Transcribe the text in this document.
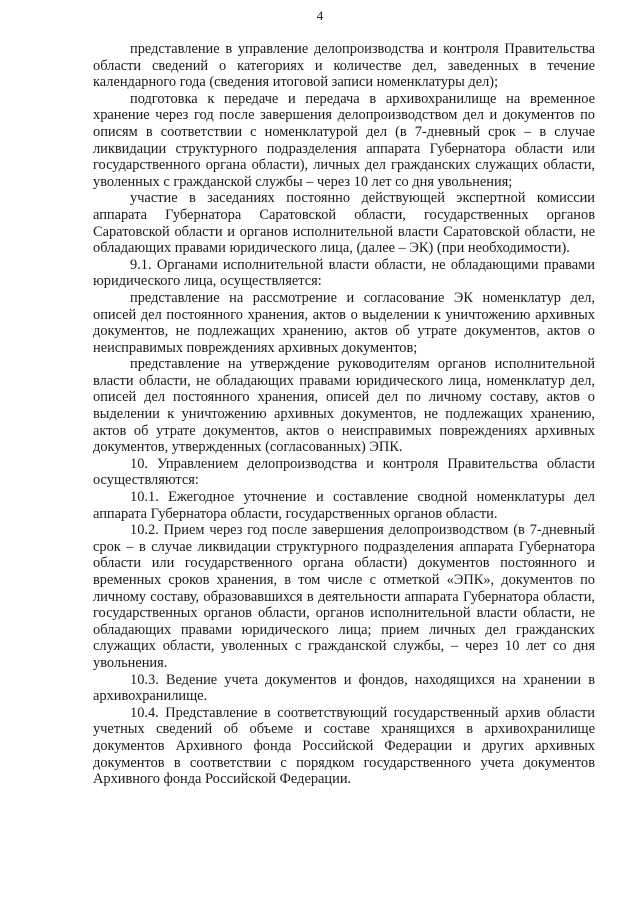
4

представление в управление делопроизводства и контроля Правительства области сведений о категориях и количестве дел, заведенных в течение календарного года (сведения итоговой записи номенклатуры дел);

подготовка к передаче и передача в архивохранилище на временное хранение через год после завершения делопроизводством дел и документов по описям в соответствии с номенклатурой дел (в 7-дневный срок – в случае ликвидации структурного подразделения аппарата Губернатора области или государственного органа области), личных дел гражданских служащих области, уволенных с гражданской службы – через 10 лет со дня увольнения;

участие в заседаниях постоянно действующей экспертной комиссии аппарата Губернатора Саратовской области, государственных органов Саратовской области и органов исполнительной власти Саратовской области, не обладающих правами юридического лица, (далее – ЭК) (при необходимости).

9.1. Органами исполнительной власти области, не обладающими правами юридического лица, осуществляется:

представление на рассмотрение и согласование ЭК номенклатур дел, описей дел постоянного хранения, актов о выделении к уничтожению архивных документов, не подлежащих хранению, актов об утрате документов, актов о неисправимых повреждениях архивных документов;

представление на утверждение руководителям органов исполнительной власти области, не обладающих правами юридического лица, номенклатур дел, описей дел постоянного хранения, описей дел по личному составу, актов о выделении к уничтожению архивных документов, не подлежащих хранению, актов об утрате документов, актов о неисправимых повреждениях архивных документов, утвержденных (согласованных) ЭПК.

10. Управлением делопроизводства и контроля Правительства области осуществляются:

10.1. Ежегодное уточнение и составление сводной номенклатуры дел аппарата Губернатора области, государственных органов области.

10.2. Прием через год после завершения делопроизводством (в 7-дневный срок – в случае ликвидации структурного подразделения аппарата Губернатора области или государственного органа области) документов постоянного и временных сроков хранения, в том числе с отметкой «ЭПК», документов по личному составу, образовавшихся в деятельности аппарата Губернатора области, государственных органов области, органов исполнительной власти области, не обладающих правами юридического лица; прием личных дел гражданских служащих области, уволенных с гражданской службы, – через 10 лет со дня увольнения.

10.3. Ведение учета документов и фондов, находящихся на хранении в архивохранилище.

10.4. Представление в соответствующий государственный архив области учетных сведений об объеме и составе хранящихся в архивохранилище документов Архивного фонда Российской Федерации и других архивных документов в соответствии с порядком государственного учета документов Архивного фонда Российской Федерации.
